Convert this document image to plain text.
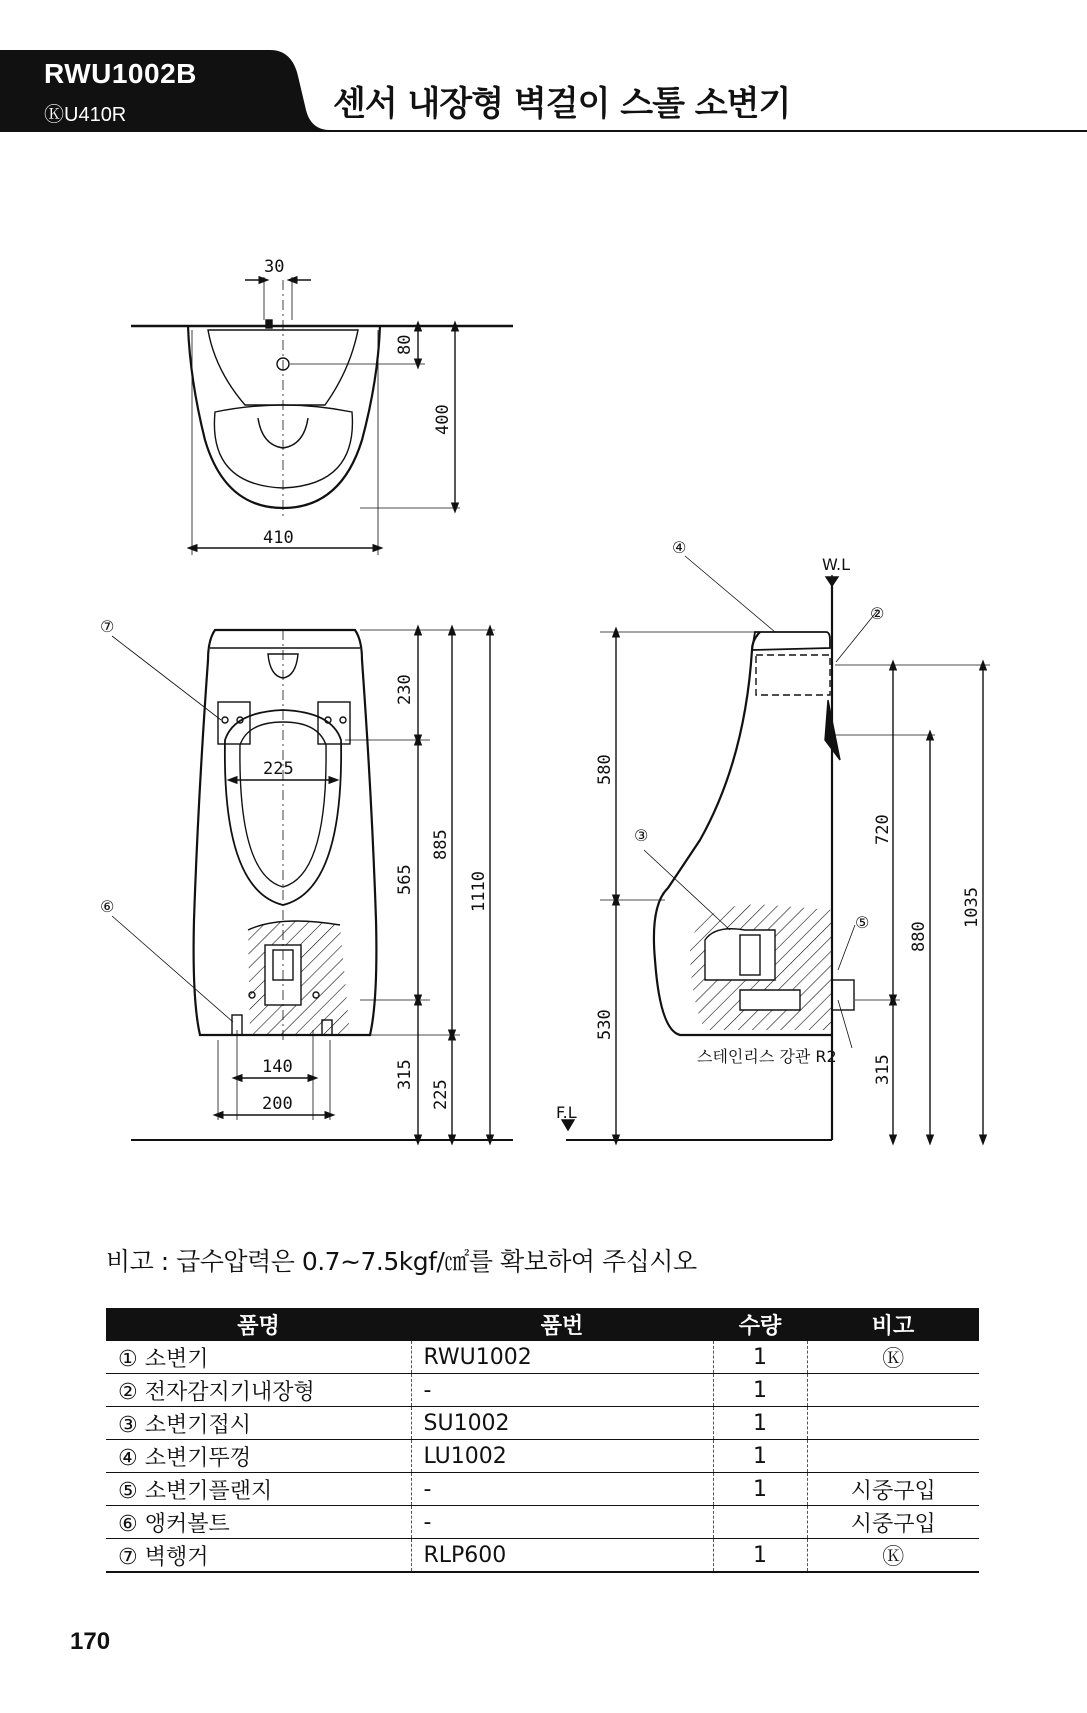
RWU1002B
ⓀU410R	센서 내장형 벽걸이 스톨 소변기
30
80
400
410
230
225
565
885
1110
140
200
315
225
580
530
720
880
1035
315
④
②
③
⑤
⑥
⑦
W.L
F.L
스테인리스 강관 R2
비고 : 급수압력은 0.7~7.5kgf/㎠를 확보하여 주십시오
품명	품번	수량	비고
① 소변기	RWU1002	1	Ⓚ
② 전자감지기내장형	-	1	
③ 소변기접시	SU1002	1	
④ 소변기뚜껑	LU1002	1	
⑤ 소변기플랜지	-	1	시중구입
⑥ 앵커볼트	-		시중구입
⑦ 벽행거	RLP600	1	Ⓚ
170
